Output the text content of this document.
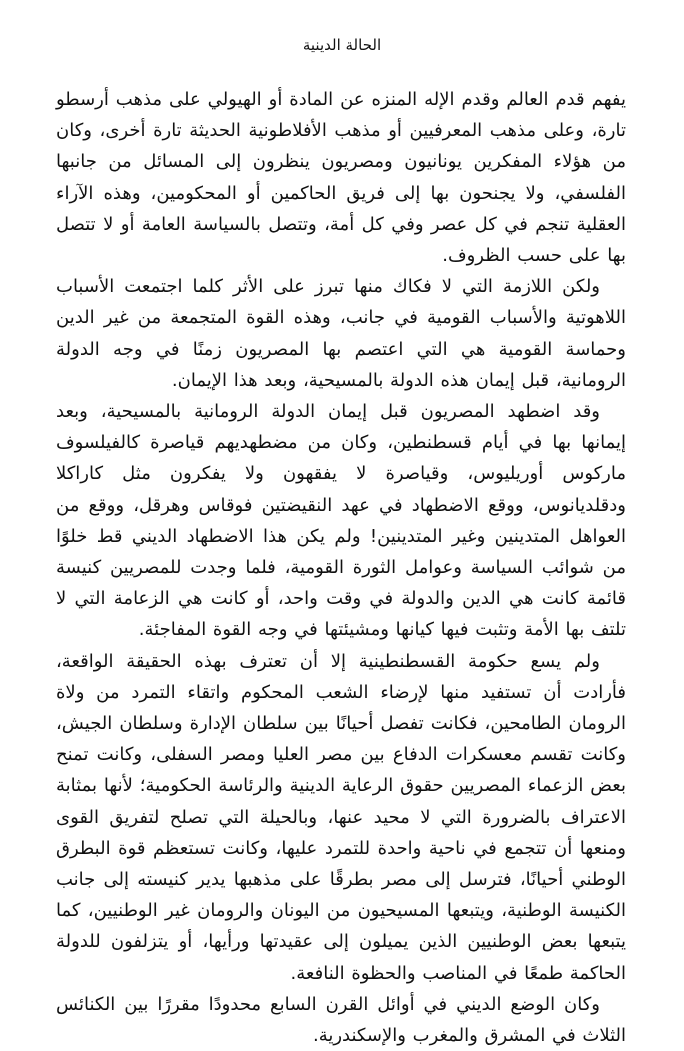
الحالة الدينية

يفهم قدم العالم وقدم الإله المنزه عن المادة أو الهيولي على مذهب أرسطو تارة، وعلى مذهب المعرفيين أو مذهب الأفلاطونية الحديثة تارة أخرى، وكان من هؤلاء المفكرين يونانيون ومصريون ينظرون إلى المسائل من جانبها الفلسفي، ولا يجنحون بها إلى فريق الحاكمين أو المحكومين، وهذه الآراء العقلية تنجم في كل عصر وفي كل أمة، وتتصل بالسياسة العامة أو لا تتصل بها على حسب الظروف.

ولكن اللازمة التي لا فكاك منها تبرز على الأثر كلما اجتمعت الأسباب اللاهوتية والأسباب القومية في جانب، وهذه القوة المتجمعة من غير الدين وحماسة القومية هي التي اعتصم بها المصريون زمنًا في وجه الدولة الرومانية، قبل إيمان هذه الدولة بالمسيحية، وبعد هذا الإيمان.

وقد اضطهد المصريون قبل إيمان الدولة الرومانية بالمسيحية، وبعد إيمانها بها في أيام قسطنطين، وكان من مضطهديهم قياصرة كالفيلسوف ماركوس أوريليوس، وقياصرة لا يفقهون ولا يفكرون مثل كاراكلا ودقلديانوس، ووقع الاضطهاد في عهد النقيضتين فوقاس وهرقل، ووقع من العواهل المتدينين وغير المتدينين! ولم يكن هذا الاضطهاد الديني قط خلوًا من شوائب السياسة وعوامل الثورة القومية، فلما وجدت للمصريين كنيسة قائمة كانت هي الدين والدولة في وقت واحد، أو كانت هي الزعامة التي لا تلتف بها الأمة وتثبت فيها كيانها ومشيئتها في وجه القوة المفاجئة.

ولم يسع حكومة القسطنطينية إلا أن تعترف بهذه الحقيقة الواقعة، فأرادت أن تستفيد منها لإرضاء الشعب المحكوم واتقاء التمرد من ولاة الرومان الطامحين، فكانت تفصل أحيانًا بين سلطان الإدارة وسلطان الجيش، وكانت تقسم معسكرات الدفاع بين مصر العليا ومصر السفلى، وكانت تمنح بعض الزعماء المصريين حقوق الرعاية الدينية والرئاسة الحكومية؛ لأنها بمثابة الاعتراف بالضرورة التي لا محيد عنها، وبالحيلة التي تصلح لتفريق القوى ومنعها أن تتجمع في ناحية واحدة للتمرد عليها، وكانت تستعظم قوة البطرق الوطني أحيانًا، فترسل إلى مصر بطرقًا على مذهبها يدير كنيسته إلى جانب الكنيسة الوطنية، ويتبعها المسيحيون من اليونان والرومان غير الوطنيين، كما يتبعها بعض الوطنيين الذين يميلون إلى عقيدتها ورأيها، أو يتزلفون للدولة الحاكمة طمعًا في المناصب والحظوة النافعة.

وكان الوضع الديني في أوائل القرن السابع محدودًا مقررًا بين الكنائس الثلاث في المشرق والمغرب والإسكندرية.
